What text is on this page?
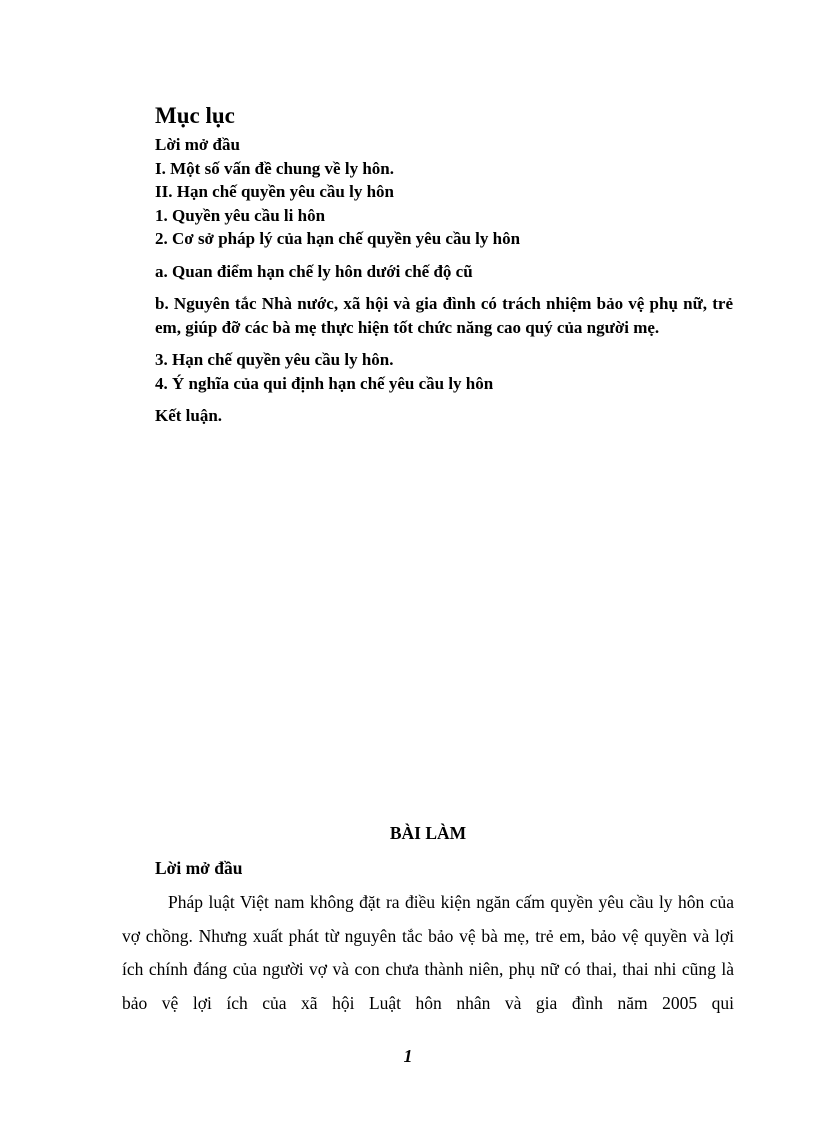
Mục lục
Lời mở đầu
I. Một số vấn đề chung về ly hôn.
II. Hạn chế quyền yêu cầu ly hôn
1. Quyền yêu cầu li hôn
2. Cơ sở pháp lý của hạn chế quyền yêu cầu ly hôn
a. Quan điểm hạn chế ly hôn dưới chế độ cũ
b. Nguyên tắc Nhà nước, xã hội và gia đình có trách nhiệm bảo vệ phụ nữ, trẻ em, giúp đỡ các bà mẹ thực hiện tốt chức năng cao quý của người mẹ.
3. Hạn chế quyền yêu cầu ly hôn.
4. Ý nghĩa của qui định hạn chế yêu cầu ly hôn
Kết luận.
BÀI LÀM
Lời mở đầu
Pháp luật Việt nam không đặt ra điều kiện ngăn cấm quyền yêu cầu ly hôn của vợ chồng. Nhưng xuất phát từ nguyên tắc bảo vệ bà mẹ, trẻ em, bảo vệ quyền và lợi ích chính đáng của người vợ và con chưa thành niên, phụ nữ có thai, thai nhi cũng là bảo vệ lợi ích của xã hội Luật hôn nhân và gia đình năm 2005 qui
1
